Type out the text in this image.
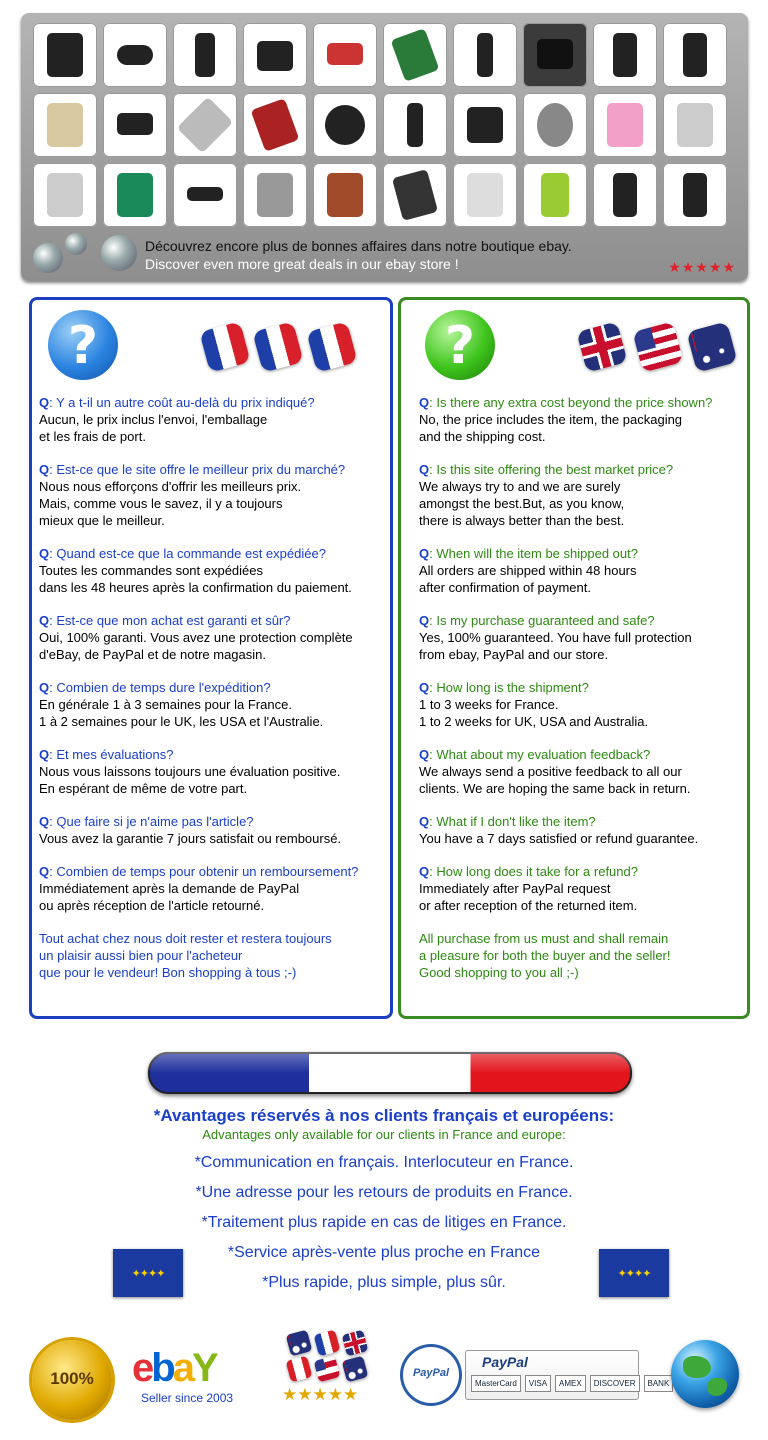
Découvrez encore plus de bonnes affaires dans notre boutique ebay.
Discover even more great deals in our ebay store !	★★★★★
?
Q: Y a t-il un autre coût au-delà du prix indiqué?
Aucun, le prix inclus l'envoi, l'emballage
et les frais de port.
Q: Est-ce que le site offre le meilleur prix du marché?
Nous nous efforçons d'offrir les meilleurs prix.
Mais, comme vous le savez, il y a toujours
mieux que le meilleur.
Q: Quand est-ce que la commande est expédiée?
Toutes les commandes sont expédiées
dans les 48 heures après la confirmation du paiement.
Q: Est-ce que mon achat est garanti et sûr?
Oui, 100% garanti. Vous avez une protection complète
d'eBay, de PayPal et de notre magasin.
Q: Combien de temps dure l'expédition?
En générale 1 à 3 semaines pour la France.
1 à 2 semaines pour le UK, les USA et l'Australie.
Q: Et mes évaluations?
Nous vous laissons toujours une évaluation positive.
En espérant de même de votre part.
Q: Que faire si je n'aime pas l'article?
Vous avez la garantie 7 jours satisfait ou remboursé.
Q: Combien de temps pour obtenir un remboursement?
Immédiatement après la demande de PayPal
ou après réception de l'article retourné.
Tout achat chez nous doit rester et restera toujours
un plaisir aussi bien pour l'acheteur
que pour le vendeur! Bon shopping à tous ;-)
?
Q: Is there any extra cost beyond the price shown?
No, the price includes the item, the packaging
and the shipping cost.
Q: Is this site offering the best market price?
We always try to and we are surely
amongst the best.But, as you know,
there is always better than the best.
Q: When will the item be shipped out?
All orders are shipped within 48 hours
after confirmation of payment.
Q: Is my purchase guaranteed and safe?
Yes, 100% guaranteed. You have full protection
from ebay, PayPal and our store.
Q: How long is the shipment?
1 to 3 weeks for France.
1 to 2 weeks for UK, USA and Australia.
Q: What about my evaluation feedback?
We always send a positive feedback to all our
clients. We are hoping the same back in return.
Q: What if I don't like the item?
You have a 7 days satisfied or refund guarantee.
Q: How long does it take for a refund?
Immediately after PayPal request
or after reception of the returned item.
All purchase from us must and shall remain
a pleasure for both the buyer and the seller!
Good shopping to you all ;-)
*Avantages réservés à nos clients français et européens:
Advantages only available for our clients in France and europe:
*Communication en français. Interlocuteur en France.
*Une adresse pour les retours de produits en France.
*Traitement plus rapide en cas de litiges en France.
*Service après-vente plus proche en France
*Plus rapide, plus simple, plus sûr.
✦✦✦✦	✦✦✦✦
100% ebaY
Seller since 2003	★★★★★
PayPal
PayPal
MasterCard	VISA	AMEX	DISCOVER	BANK
